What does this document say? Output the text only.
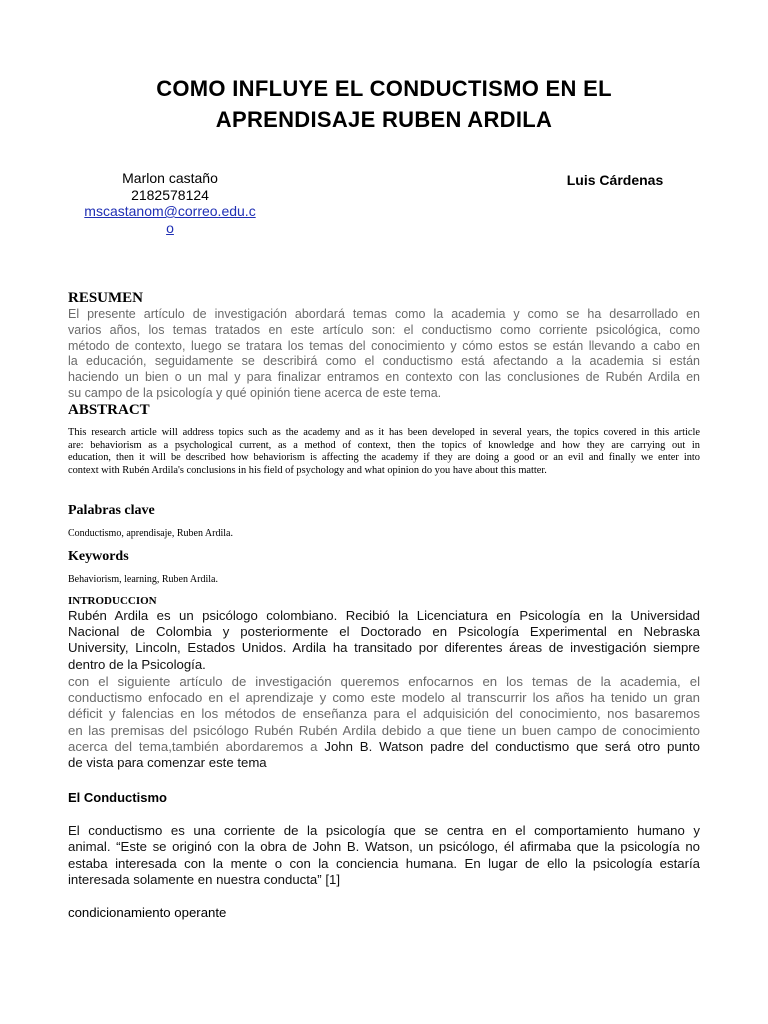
COMO INFLUYE EL CONDUCTISMO EN EL
APRENDISAJE RUBEN ARDILA
Marlon castaño
2182578124
mscastanom@correo.edu.c
o
Luis Cárdenas
RESUMEN
El presente artículo de investigación abordará temas como la academia y como se ha desarrollado en
varios años, los temas tratados en este artículo son: el conductismo como corriente psicológica, como
método de contexto, luego se tratara los temas del conocimiento y cómo estos se están llevando a cabo en
la educación, seguidamente se describirá como el conductismo está afectando a la academia si están
haciendo un bien o un mal y para finalizar entramos en contexto con las conclusiones de Rubén Ardila en
su campo de la psicología y qué opinión tiene acerca de este tema.
ABSTRACT
This research article will address topics such as the academy and as it has been developed in several years, the topics covered in this article
are: behaviorism as a psychological current, as a method of context, then the topics of knowledge and how they are carrying out in
education, then it will be described how behaviorism is affecting the academy if they are doing a good or an evil and finally we enter into
context with Rubén Ardila's conclusions in his field of psychology and what opinion do you have about this matter.
Palabras clave
Conductismo, aprendisaje, Ruben Ardila.
Keywords
Behaviorism, learning, Ruben Ardila.
INTRODUCCION
Rubén Ardila es un psicólogo colombiano. Recibió la Licenciatura en Psicología en la Universidad
Nacional de Colombia y posteriormente el Doctorado en Psicología Experimental en Nebraska
University, Lincoln, Estados Unidos. Ardila ha transitado por diferentes áreas de investigación siempre
dentro de la Psicología.
con el siguiente artículo de investigación queremos enfocarnos en los temas de la academia, el
conductismo enfocado en el aprendizaje y como este modelo al transcurrir los años ha tenido un gran
déficit y falencias en los métodos de enseñanza para el adquisición del conocimiento, nos basaremos
en las premisas del psicólogo Rubén Rubén Ardila debido a que tiene un buen campo de conocimiento
acerca del tema,también abordaremos a John B. Watson padre del conductismo que será otro punto
de vista para comenzar este tema
El Conductismo
El conductismo es una corriente de la psicología que se centra en el comportamiento humano y
animal. “Este se originó con la obra de John B. Watson, un psicólogo, él afirmaba que la psicología no
estaba interesada con la mente o con la conciencia humana. En lugar de ello la psicología estaría
interesada solamente en nuestra conducta” [1]
condicionamiento operante
